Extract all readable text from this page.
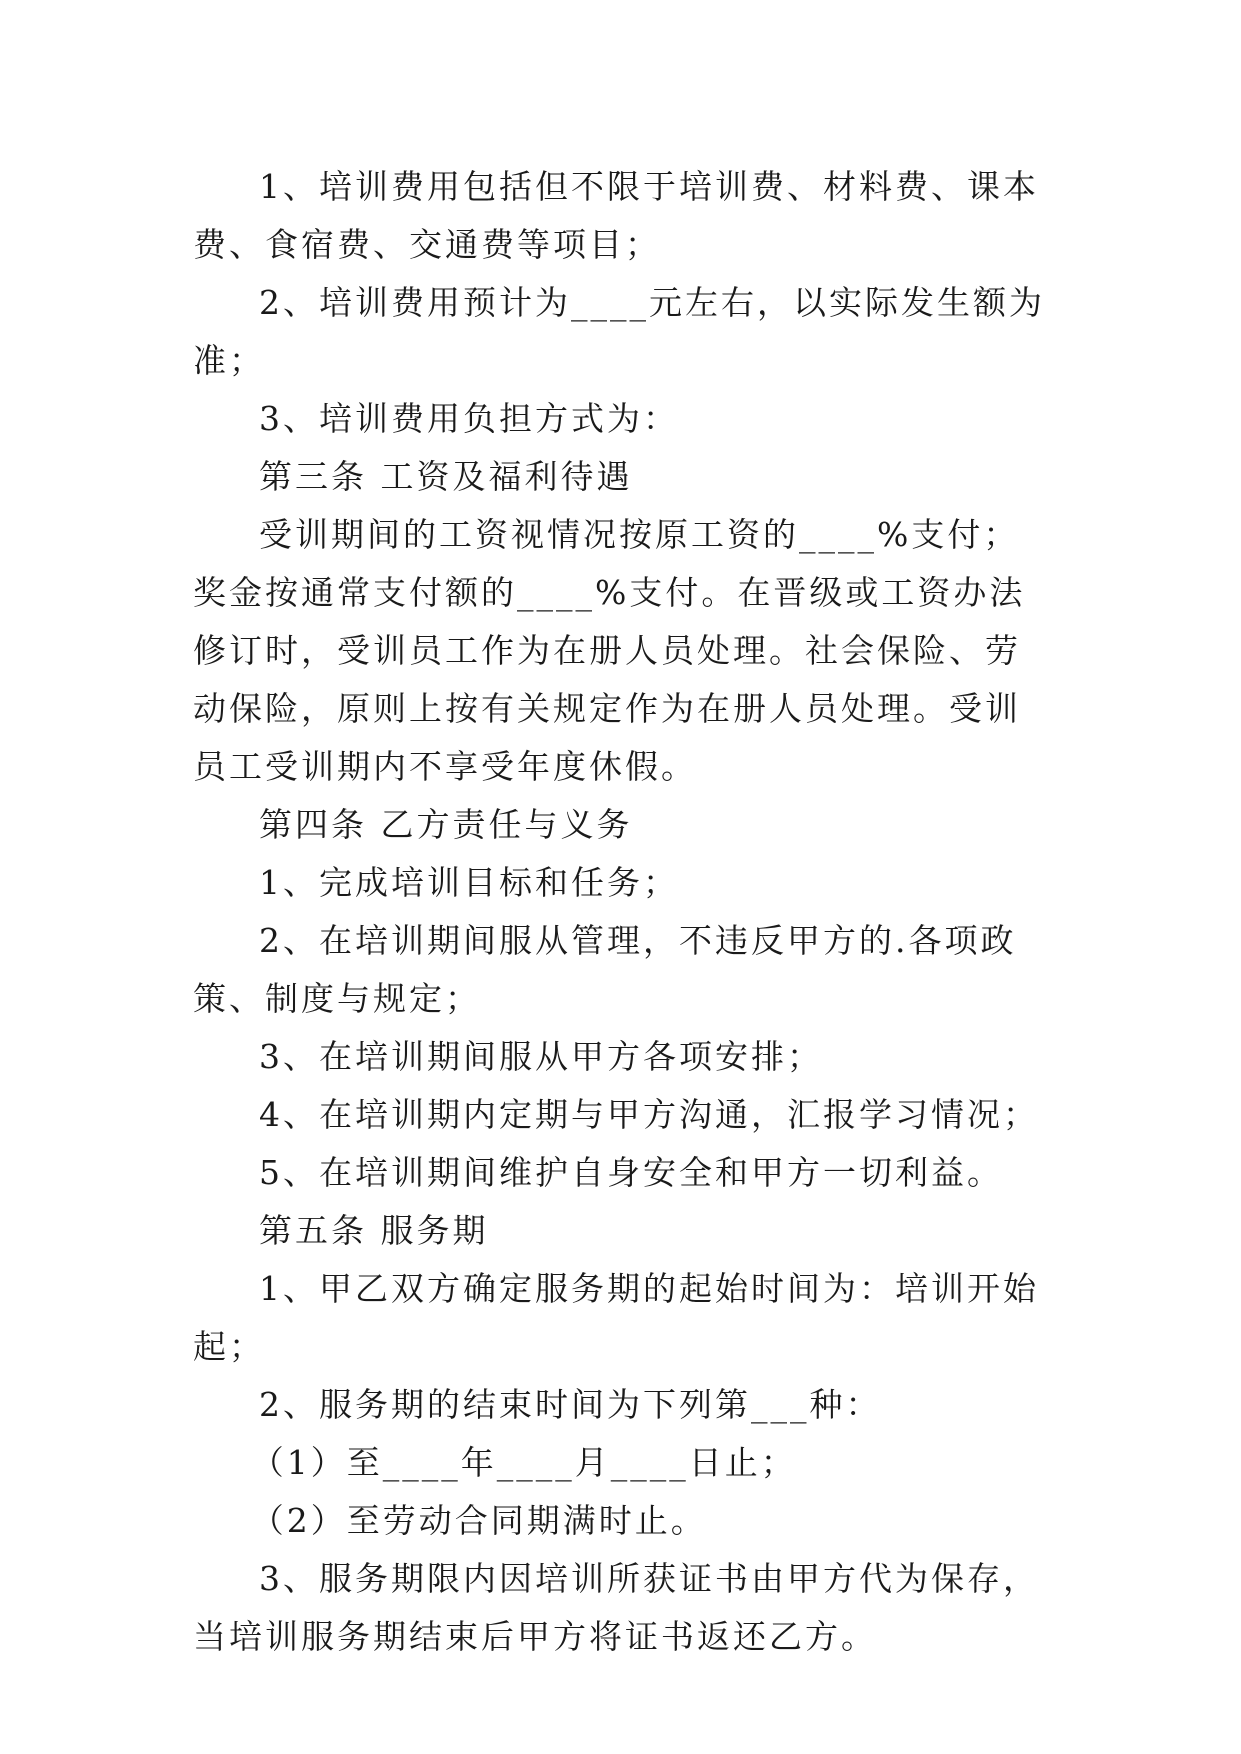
1、培训费用包括但不限于培训费、材料费、课本费、食宿费、交通费等项目；

2、培训费用预计为____元左右，以实际发生额为准；

3、培训费用负担方式为：

第三条 工资及福利待遇

受训期间的工资视情况按原工资的____%支付；奖金按通常支付额的____%支付。在晋级或工资办法修订时，受训员工作为在册人员处理。社会保险、劳动保险，原则上按有关规定作为在册人员处理。受训员工受训期内不享受年度休假。

第四条 乙方责任与义务

1、完成培训目标和任务；

2、在培训期间服从管理，不违反甲方的.各项政策、制度与规定；

3、在培训期间服从甲方各项安排；

4、在培训期内定期与甲方沟通，汇报学习情况；

5、在培训期间维护自身安全和甲方一切利益。

第五条 服务期

1、甲乙双方确定服务期的起始时间为：培训开始起；

2、服务期的结束时间为下列第___种：

（1）至____年____月____日止；

（2）至劳动合同期满时止。

3、服务期限内因培训所获证书由甲方代为保存，当培训服务期结束后甲方将证书返还乙方。
